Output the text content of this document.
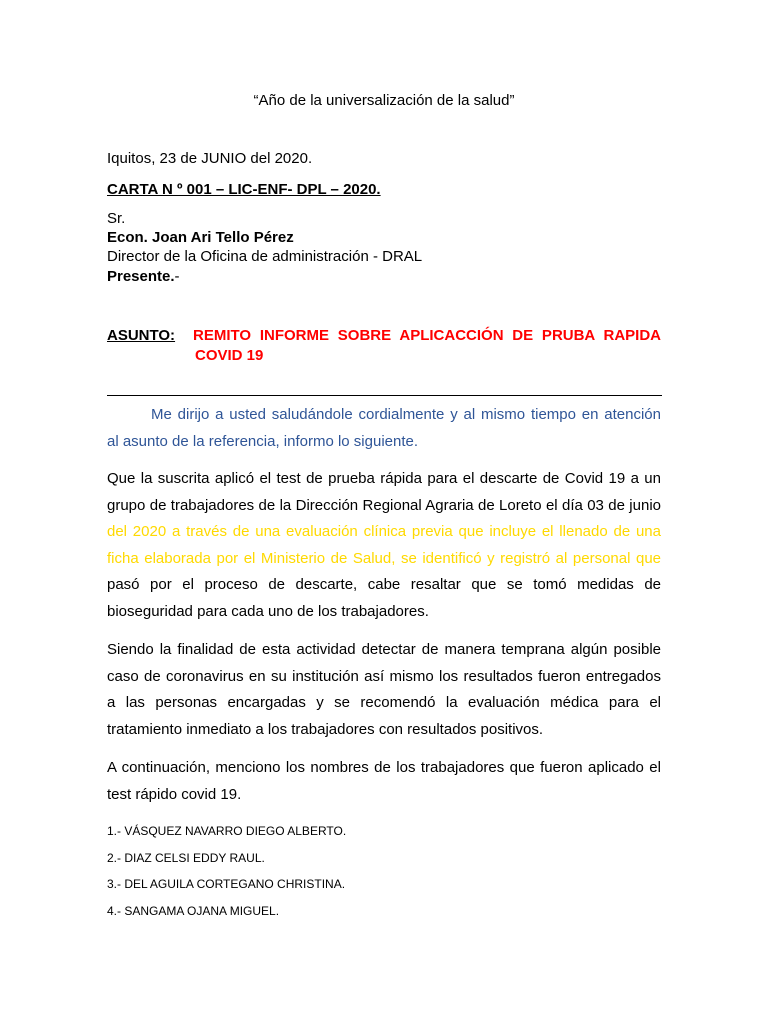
“Año de la universalización de la salud”

Iquitos, 23 de JUNIO del 2020.

CARTA N º 001 – LIC-ENF- DPL – 2020.

Sr.

Econ. Joan Ari Tello Pérez

Director de la Oficina de administración - DRAL

Presente.-

ASUNTO: REMITO INFORME SOBRE APLICACCIÓN DE PRUBA RAPIDA
COVID 19
Me dirijo a usted saludándole cordialmente y al mismo tiempo en atención
al asunto de la referencia, informo lo siguiente.
Que la suscrita aplicó el test de prueba rápida para el descarte de Covid 19 a un
grupo de trabajadores de la Dirección Regional Agraria de Loreto el día 03 de junio
del 2020 a través de una evaluación clínica previa que incluye el llenado de una
ficha elaborada por el Ministerio de Salud, se identificó y registró al personal que
pasó por el proceso de descarte, cabe resaltar que se tomó medidas de
bioseguridad para cada uno de los trabajadores.
Siendo la finalidad de esta actividad detectar de manera temprana algún posible
caso de coronavirus en su institución así mismo los resultados fueron entregados
a las personas encargadas y se recomendó la evaluación médica para el
tratamiento inmediato a los trabajadores con resultados positivos.
A continuación, menciono los nombres de los trabajadores que fueron aplicado el
test rápido covid 19.
1.- VÁSQUEZ NAVARRO DIEGO ALBERTO.
2.- DIAZ CELSI EDDY RAUL.
3.- DEL AGUILA CORTEGANO CHRISTINA.
4.- SANGAMA OJANA MIGUEL.
